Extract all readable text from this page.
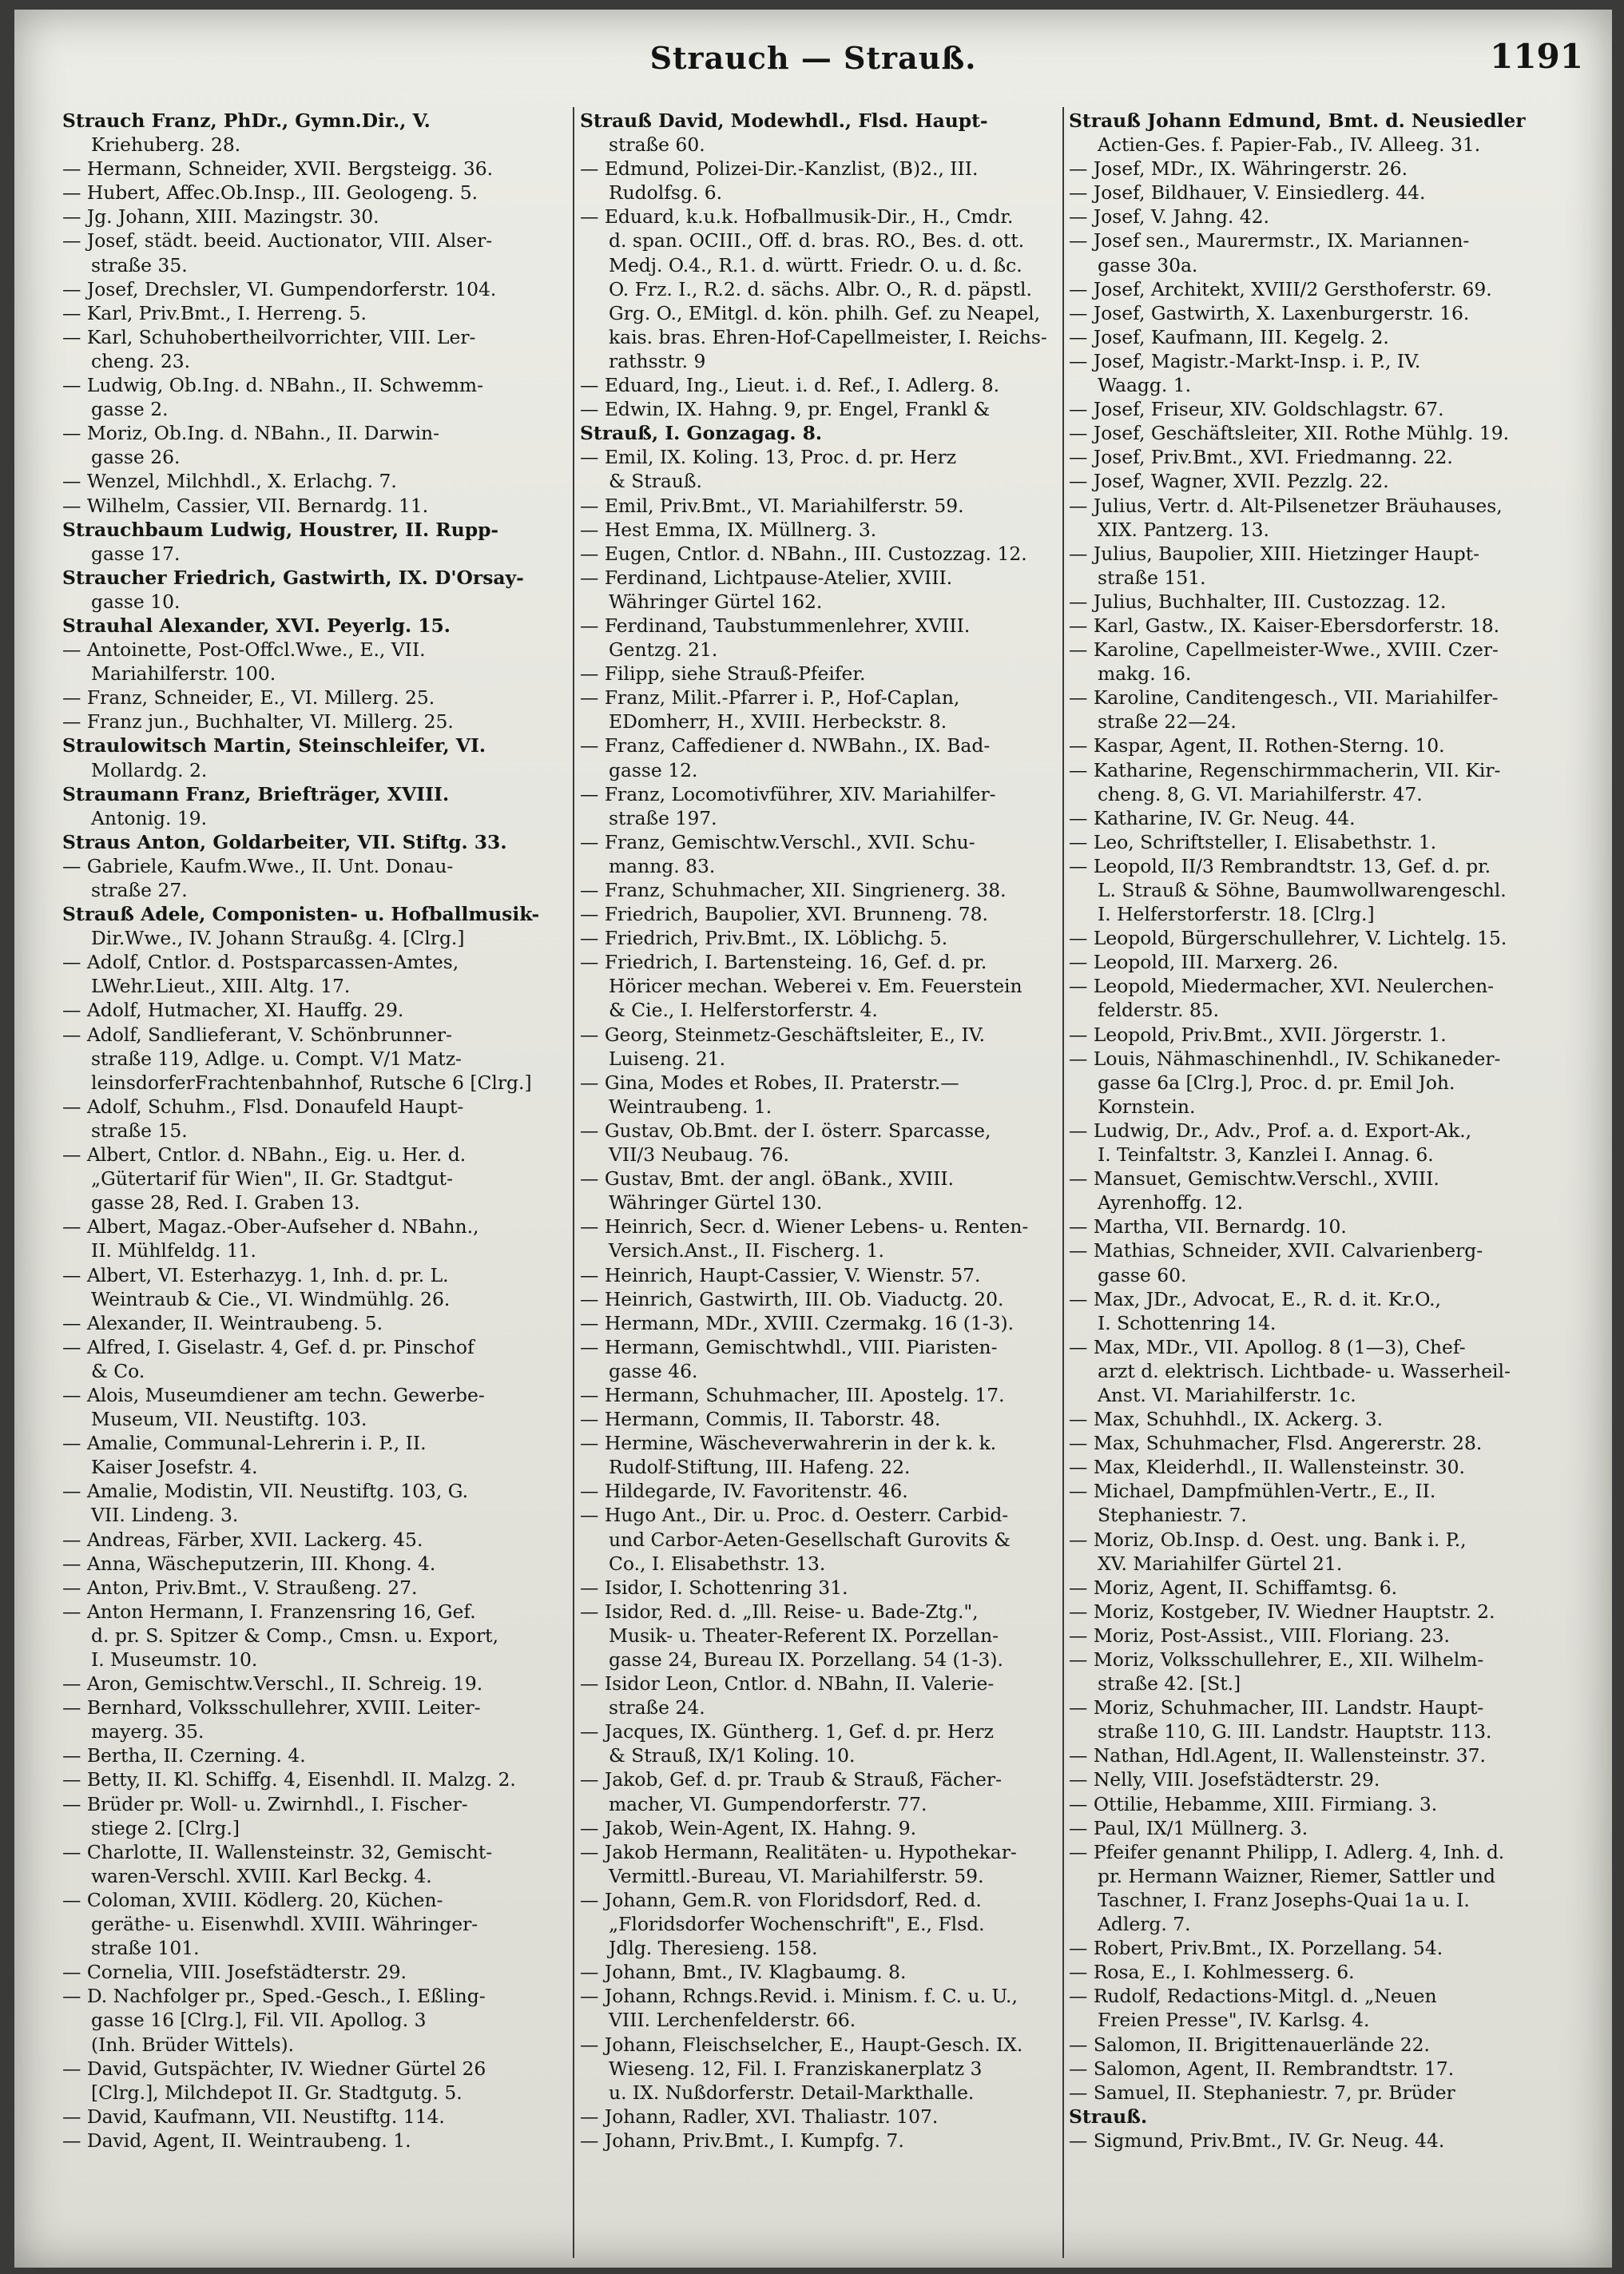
Strauch — Strauß.	1191
Strauch Franz, PhDr., Gymn.Dir., V.
Kriehuberg. 28.
— Hermann, Schneider, XVII. Bergsteigg. 36.
— Hubert, Affec.Ob.Insp., III. Geologeng. 5.
— Jg. Johann, XIII. Mazingstr. 30.
— Josef, städt. beeid. Auctionator, VIII. Alser-
straße 35.
— Josef, Drechsler, VI. Gumpendorferstr. 104.
— Karl, Priv.Bmt., I. Herreng. 5.
— Karl, Schuhobertheilvorrichter, VIII. Ler-
cheng. 23.
— Ludwig, Ob.Ing. d. NBahn., II. Schwemm-
gasse 2.
— Moriz, Ob.Ing. d. NBahn., II. Darwin-
gasse 26.
— Wenzel, Milchhdl., X. Erlachg. 7.
— Wilhelm, Cassier, VII. Bernardg. 11.
Strauchbaum Ludwig, Houstrer, II. Rupp-
gasse 17.
Straucher Friedrich, Gastwirth, IX. D'Orsay-
gasse 10.
Strauhal Alexander, XVI. Peyerlg. 15.
— Antoinette, Post-Offcl.Wwe., E., VII.
Mariahilferstr. 100.
— Franz, Schneider, E., VI. Millerg. 25.
— Franz jun., Buchhalter, VI. Millerg. 25.
Straulowitsch Martin, Steinschleifer, VI.
Mollardg. 2.
Straumann Franz, Briefträger, XVIII.
Antonig. 19.
Straus Anton, Goldarbeiter, VII. Stiftg. 33.
— Gabriele, Kaufm.Wwe., II. Unt. Donau-
straße 27.
Strauß Adele, Componisten- u. Hofballmusik-
Dir.Wwe., IV. Johann Straußg. 4. [Clrg.]
— Adolf, Cntlor. d. Postsparcassen-Amtes,
LWehr.Lieut., XIII. Altg. 17.
— Adolf, Hutmacher, XI. Hauffg. 29.
— Adolf, Sandlieferant, V. Schönbrunner-
straße 119, Adlge. u. Compt. V/1 Matz-
leinsdorferFrachtenbahnhof, Rutsche 6 [Clrg.]
— Adolf, Schuhm., Flsd. Donaufeld Haupt-
straße 15.
— Albert, Cntlor. d. NBahn., Eig. u. Her. d.
„Gütertarif für Wien", II. Gr. Stadtgut-
gasse 28, Red. I. Graben 13.
— Albert, Magaz.-Ober-Aufseher d. NBahn.,
II. Mühlfeldg. 11.
— Albert, VI. Esterhazyg. 1, Inh. d. pr. L.
Weintraub & Cie., VI. Windmühlg. 26.
— Alexander, II. Weintraubeng. 5.
— Alfred, I. Giselastr. 4, Gef. d. pr. Pinschof
& Co.
— Alois, Museumdiener am techn. Gewerbe-
Museum, VII. Neustiftg. 103.
— Amalie, Communal-Lehrerin i. P., II.
Kaiser Josefstr. 4.
— Amalie, Modistin, VII. Neustiftg. 103, G.
VII. Lindeng. 3.
— Andreas, Färber, XVII. Lackerg. 45.
— Anna, Wäscheputzerin, III. Khong. 4.
— Anton, Priv.Bmt., V. Straußeng. 27.
— Anton Hermann, I. Franzensring 16, Gef.
d. pr. S. Spitzer & Comp., Cmsn. u. Export,
I. Museumstr. 10.
— Aron, Gemischtw.Verschl., II. Schreig. 19.
— Bernhard, Volksschullehrer, XVIII. Leiter-
mayerg. 35.
— Bertha, II. Czerning. 4.
— Betty, II. Kl. Schiffg. 4, Eisenhdl. II. Malzg. 2.
— Brüder pr. Woll- u. Zwirnhdl., I. Fischer-
stiege 2. [Clrg.]
— Charlotte, II. Wallensteinstr. 32, Gemischt-
waren-Verschl. XVIII. Karl Beckg. 4.
— Coloman, XVIII. Ködlerg. 20, Küchen-
geräthe- u. Eisenwhdl. XVIII. Währinger-
straße 101.
— Cornelia, VIII. Josefstädterstr. 29.
— D. Nachfolger pr., Sped.-Gesch., I. Eßling-
gasse 16 [Clrg.], Fil. VII. Apollog. 3
(Inh. Brüder Wittels).
— David, Gutspächter, IV. Wiedner Gürtel 26
[Clrg.], Milchdepot II. Gr. Stadtgutg. 5.
— David, Kaufmann, VII. Neustiftg. 114.
— David, Agent, II. Weintraubeng. 1.
Strauß David, Modewhdl., Flsd. Haupt-
straße 60.
— Edmund, Polizei-Dir.-Kanzlist, (B)2., III.
Rudolfsg. 6.
— Eduard, k.u.k. Hofballmusik-Dir., H., Cmdr.
d. span. OCIII., Off. d. bras. RO., Bes. d. ott.
Medj. O.4., R.1. d. württ. Friedr. O. u. d. ßc.
O. Frz. I., R.2. d. sächs. Albr. O., R. d. päpstl.
Grg. O., EMitgl. d. kön. philh. Gef. zu Neapel,
kais. bras. Ehren-Hof-Capellmeister, I. Reichs-
rathsstr. 9
— Eduard, Ing., Lieut. i. d. Ref., I. Adlerg. 8.
— Edwin, IX. Hahng. 9, pr. Engel, Frankl &
Strauß, I. Gonzagag. 8.
— Emil, IX. Koling. 13, Proc. d. pr. Herz
& Strauß.
— Emil, Priv.Bmt., VI. Mariahilferstr. 59.
— Hest Emma, IX. Müllnerg. 3.
— Eugen, Cntlor. d. NBahn., III. Custozzag. 12.
— Ferdinand, Lichtpause-Atelier, XVIII.
Währinger Gürtel 162.
— Ferdinand, Taubstummenlehrer, XVIII.
Gentzg. 21.
— Filipp, siehe Strauß-Pfeifer.
— Franz, Milit.-Pfarrer i. P., Hof-Caplan,
EDomherr, H., XVIII. Herbeckstr. 8.
— Franz, Caffediener d. NWBahn., IX. Bad-
gasse 12.
— Franz, Locomotivführer, XIV. Mariahilfer-
straße 197.
— Franz, Gemischtw.Verschl., XVII. Schu-
manng. 83.
— Franz, Schuhmacher, XII. Singrienerg. 38.
— Friedrich, Baupolier, XVI. Brunneng. 78.
— Friedrich, Priv.Bmt., IX. Löblichg. 5.
— Friedrich, I. Bartensteing. 16, Gef. d. pr.
Höricer mechan. Weberei v. Em. Feuerstein
& Cie., I. Helferstorferstr. 4.
— Georg, Steinmetz-Geschäftsleiter, E., IV.
Luiseng. 21.
— Gina, Modes et Robes, II. Praterstr.—
Weintraubeng. 1.
— Gustav, Ob.Bmt. der I. österr. Sparcasse,
VII/3 Neubaug. 76.
— Gustav, Bmt. der angl. öBank., XVIII.
Währinger Gürtel 130.
— Heinrich, Secr. d. Wiener Lebens- u. Renten-
Versich.Anst., II. Fischerg. 1.
— Heinrich, Haupt-Cassier, V. Wienstr. 57.
— Heinrich, Gastwirth, III. Ob. Viaductg. 20.
— Hermann, MDr., XVIII. Czermakg. 16 (1-3).
— Hermann, Gemischtwhdl., VIII. Piaristen-
gasse 46.
— Hermann, Schuhmacher, III. Apostelg. 17.
— Hermann, Commis, II. Taborstr. 48.
— Hermine, Wäscheverwahrerin in der k. k.
Rudolf-Stiftung, III. Hafeng. 22.
— Hildegarde, IV. Favoritenstr. 46.
— Hugo Ant., Dir. u. Proc. d. Oesterr. Carbid-
und Carbor-Aeten-Gesellschaft Gurovits &
Co., I. Elisabethstr. 13.
— Isidor, I. Schottenring 31.
— Isidor, Red. d. „Ill. Reise- u. Bade-Ztg.",
Musik- u. Theater-Referent IX. Porzellan-
gasse 24, Bureau IX. Porzellang. 54 (1-3).
— Isidor Leon, Cntlor. d. NBahn, II. Valerie-
straße 24.
— Jacques, IX. Güntherg. 1, Gef. d. pr. Herz
& Strauß, IX/1 Koling. 10.
— Jakob, Gef. d. pr. Traub & Strauß, Fächer-
macher, VI. Gumpendorferstr. 77.
— Jakob, Wein-Agent, IX. Hahng. 9.
— Jakob Hermann, Realitäten- u. Hypothekar-
Vermittl.-Bureau, VI. Mariahilferstr. 59.
— Johann, Gem.R. von Floridsdorf, Red. d.
„Floridsdorfer Wochenschrift", E., Flsd.
Jdlg. Theresieng. 158.
— Johann, Bmt., IV. Klagbaumg. 8.
— Johann, Rchngs.Revid. i. Minism. f. C. u. U.,
VIII. Lerchenfelderstr. 66.
— Johann, Fleischselcher, E., Haupt-Gesch. IX.
Wieseng. 12, Fil. I. Franziskanerplatz 3
u. IX. Nußdorferstr. Detail-Markthalle.
— Johann, Radler, XVI. Thaliastr. 107.
— Johann, Priv.Bmt., I. Kumpfg. 7.
Strauß Johann Edmund, Bmt. d. Neusiedler
Actien-Ges. f. Papier-Fab., IV. Alleeg. 31.
— Josef, MDr., IX. Währingerstr. 26.
— Josef, Bildhauer, V. Einsiedlerg. 44.
— Josef, V. Jahng. 42.
— Josef sen., Maurermstr., IX. Mariannen-
gasse 30a.
— Josef, Architekt, XVIII/2 Gersthoferstr. 69.
— Josef, Gastwirth, X. Laxenburgerstr. 16.
— Josef, Kaufmann, III. Kegelg. 2.
— Josef, Magistr.-Markt-Insp. i. P., IV.
Waagg. 1.
— Josef, Friseur, XIV. Goldschlagstr. 67.
— Josef, Geschäftsleiter, XII. Rothe Mühlg. 19.
— Josef, Priv.Bmt., XVI. Friedmanng. 22.
— Josef, Wagner, XVII. Pezzlg. 22.
— Julius, Vertr. d. Alt-Pilsenetzer Bräuhauses,
XIX. Pantzerg. 13.
— Julius, Baupolier, XIII. Hietzinger Haupt-
straße 151.
— Julius, Buchhalter, III. Custozzag. 12.
— Karl, Gastw., IX. Kaiser-Ebersdorferstr. 18.
— Karoline, Capellmeister-Wwe., XVIII. Czer-
makg. 16.
— Karoline, Canditengesch., VII. Mariahilfer-
straße 22—24.
— Kaspar, Agent, II. Rothen-Sterng. 10.
— Katharine, Regenschirmmacherin, VII. Kir-
cheng. 8, G. VI. Mariahilferstr. 47.
— Katharine, IV. Gr. Neug. 44.
— Leo, Schriftsteller, I. Elisabethstr. 1.
— Leopold, II/3 Rembrandtstr. 13, Gef. d. pr.
L. Strauß & Söhne, Baumwollwarengeschl.
I. Helferstorferstr. 18. [Clrg.]
— Leopold, Bürgerschullehrer, V. Lichtelg. 15.
— Leopold, III. Marxerg. 26.
— Leopold, Miedermacher, XVI. Neulerchen-
felderstr. 85.
— Leopold, Priv.Bmt., XVII. Jörgerstr. 1.
— Louis, Nähmaschinenhdl., IV. Schikaneder-
gasse 6a [Clrg.], Proc. d. pr. Emil Joh.
Kornstein.
— Ludwig, Dr., Adv., Prof. a. d. Export-Ak.,
I. Teinfaltstr. 3, Kanzlei I. Annag. 6.
— Mansuet, Gemischtw.Verschl., XVIII.
Ayrenhoffg. 12.
— Martha, VII. Bernardg. 10.
— Mathias, Schneider, XVII. Calvarienberg-
gasse 60.
— Max, JDr., Advocat, E., R. d. it. Kr.O.,
I. Schottenring 14.
— Max, MDr., VII. Apollog. 8 (1—3), Chef-
arzt d. elektrisch. Lichtbade- u. Wasserheil-
Anst. VI. Mariahilferstr. 1c.
— Max, Schuhhdl., IX. Ackerg. 3.
— Max, Schuhmacher, Flsd. Angererstr. 28.
— Max, Kleiderhdl., II. Wallensteinstr. 30.
— Michael, Dampfmühlen-Vertr., E., II.
Stephaniestr. 7.
— Moriz, Ob.Insp. d. Oest. ung. Bank i. P.,
XV. Mariahilfer Gürtel 21.
— Moriz, Agent, II. Schiffamtsg. 6.
— Moriz, Kostgeber, IV. Wiedner Hauptstr. 2.
— Moriz, Post-Assist., VIII. Floriang. 23.
— Moriz, Volksschullehrer, E., XII. Wilhelm-
straße 42. [St.]
— Moriz, Schuhmacher, III. Landstr. Haupt-
straße 110, G. III. Landstr. Hauptstr. 113.
— Nathan, Hdl.Agent, II. Wallensteinstr. 37.
— Nelly, VIII. Josefstädterstr. 29.
— Ottilie, Hebamme, XIII. Firmiang. 3.
— Paul, IX/1 Müllnerg. 3.
— Pfeifer genannt Philipp, I. Adlerg. 4, Inh. d.
pr. Hermann Waizner, Riemer, Sattler und
Taschner, I. Franz Josephs-Quai 1a u. I.
Adlerg. 7.
— Robert, Priv.Bmt., IX. Porzellang. 54.
— Rosa, E., I. Kohlmesserg. 6.
— Rudolf, Redactions-Mitgl. d. „Neuen
Freien Presse", IV. Karlsg. 4.
— Salomon, II. Brigittenauerlände 22.
— Salomon, Agent, II. Rembrandtstr. 17.
— Samuel, II. Stephaniestr. 7, pr. Brüder
Strauß.
— Sigmund, Priv.Bmt., IV. Gr. Neug. 44.
